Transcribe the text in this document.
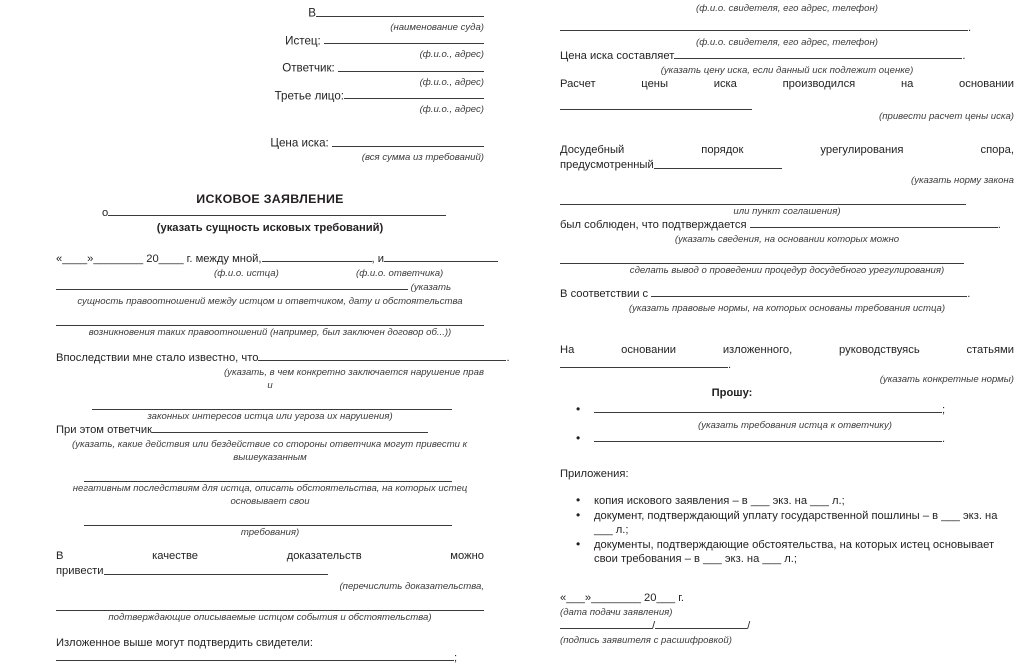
В
(наименование суда)
Истец:
(ф.и.о., адрес)
Ответчик:
(ф.и.о., адрес)
Третье лицо:
(ф.и.о., адрес)
Цена иска:
(вся сумма из требований)
ИСКОВОЕ ЗАЯВЛЕНИЕ
о
(указать сущность исковых требований)
«____»________ 20____ г. между мной,	, и
(ф.и.о. истца)	(ф.и.о. ответчика)
(указать
сущность правоотношений между истцом и ответчиком, дату и обстоятельства
возникновения таких правоотношений (например, был заключен договор об...))
Впоследствии мне стало известно, что	.
(указать, в чем конкретно заключается нарушение прав
и
законных интересов истца или угроза их нарушения)
При этом ответчик
(указать, какие действия или бездействие со стороны ответчика могут привести к
вышеуказанным
негативным последствиям для истца, описать обстоятельства, на которых истец
основывает свои
требования)
В	качестве	доказательств	можно
привести
(перечислить доказательства,
подтверждающие описываемые истцом события и обстоятельства)
Изложенное выше могут подтвердить свидетели:
;
(ф.и.о. свидетеля, его адрес, телефон)
.
(ф.и.о. свидетеля, его адрес, телефон)
Цена иска составляет	.
(указать цену иска, если данный иск подлежит оценке)
Расчет	цены	иска	производился	на	основании
(привести расчет цены иска)
Досудебный	порядок	урегулирования	спора,
предусмотренный
(указать норму закона
или пункт соглашения)
был соблюден, что подтверждается	.
(указать сведения, на основании которых можно
сделать вывод о проведении процедур досудебного урегулирования)
В соответствии с	.
(указать правовые нормы, на которых основаны требования истца)
На	основании	изложенного,	руководствуясь	статьями
.
(указать конкретные нормы)
Прошу:
• ;
(указать требования истца к ответчику)
• .
Приложения:
• копия искового заявления – в ___ экз. на ___ л.;
• документ, подтверждающий уплату государственной пошлины – в ___ экз. на ___ л.;
• документы, подтверждающие обстоятельства, на которых истец основывает свои требования – в ___ экз. на ___ л.;
«___»________ 20___ г.
(дата подачи заявления)
/	/
(подпись заявителя с расшифровкой)
